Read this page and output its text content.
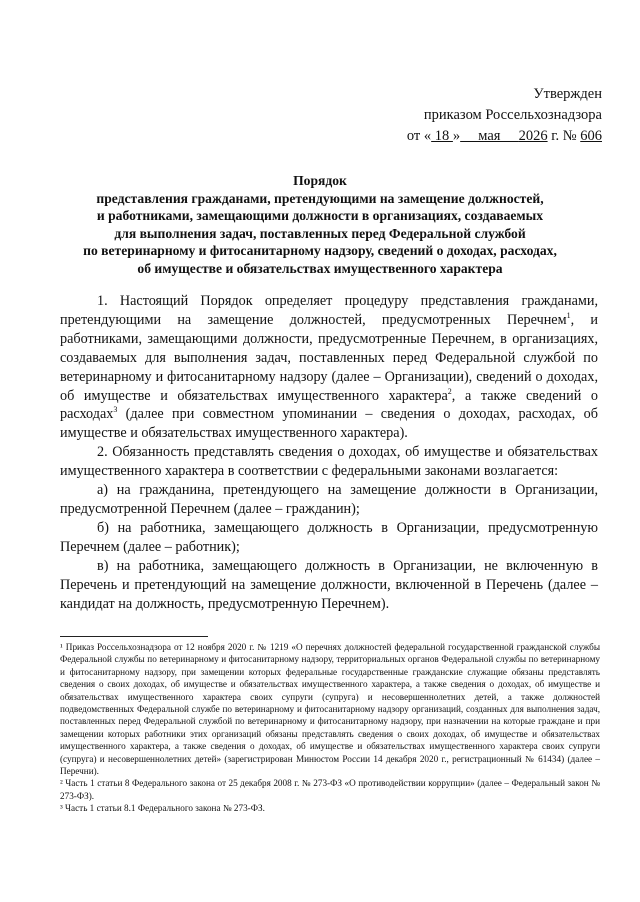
Утвержден
приказом Россельхознадзора
от « 18 »     мая     2026 г. № 606
Порядок
представления гражданами, претендующими на замещение должностей,
и работниками, замещающими должности в организациях, создаваемых
для выполнения задач, поставленных перед Федеральной службой
по ветеринарному и фитосанитарному надзору, сведений о доходах, расходах,
об имуществе и обязательствах имущественного характера

1. Настоящий Порядок определяет процедуру представления гражданами, претендующими на замещение должностей, предусмотренных Перечнем$^1$, и работниками, замещающими должности, предусмотренные Перечнем, в организациях, создаваемых для выполнения задач, поставленных перед Федеральной службой по ветеринарному и фитосанитарному надзору (далее – Организации), сведений о доходах, об имуществе и обязательствах имущественного характера$^2$, а также сведений о расходах$^3$ (далее при совместном упоминании – сведения о доходах, расходах, об имуществе и обязательствах имущественного характера).

2. Обязанность представлять сведения о доходах, об имуществе и обязательствах имущественного характера в соответствии с федеральными законами возлагается:

а) на гражданина, претендующего на замещение должности в Организации, предусмотренной Перечнем (далее – гражданин);

б) на работника, замещающего должность в Организации, предусмотренную Перечнем (далее – работник);

в) на работника, замещающего должность в Организации, не включенную в Перечень и претендующий на замещение должности, включенной в Перечень (далее – кандидат на должность, предусмотренную Перечнем).

¹ Приказ Россельхознадзора от 12 ноября 2020 г. № 1219 «О перечнях должностей федеральной государственной гражданской службы Федеральной службы по ветеринарному и фитосанитарному надзору, территориальных органов Федеральной службы по ветеринарному и фитосанитарному надзору, при замещении которых федеральные государственные гражданские служащие обязаны представлять сведения о своих доходах, об имуществе и обязательствах имущественного характера, а также сведения о доходах, об имуществе и обязательствах имущественного характера своих супруги (супруга) и несовершеннолетних детей, а также должностей подведомственных Федеральной службе по ветеринарному и фитосанитарному надзору организаций, созданных для выполнения задач, поставленных перед Федеральной службой по ветеринарному и фитосанитарному надзору, при назначении на которые граждане и при замещении которых работники этих организаций обязаны представлять сведения о своих доходах, об имуществе и обязательствах имущественного характера, а также сведения о доходах, об имуществе и обязательствах имущественного характера своих супруги (супруга) и несовершеннолетних детей» (зарегистрирован Минюстом России 14 декабря 2020 г., регистрационный № 61434) (далее – Перечни).

² Часть 1 статьи 8 Федерального закона от 25 декабря 2008 г. № 273-ФЗ «О противодействии коррупции» (далее – Федеральный закон № 273-ФЗ).

³ Часть 1 статьи 8.1 Федерального закона № 273-ФЗ.
